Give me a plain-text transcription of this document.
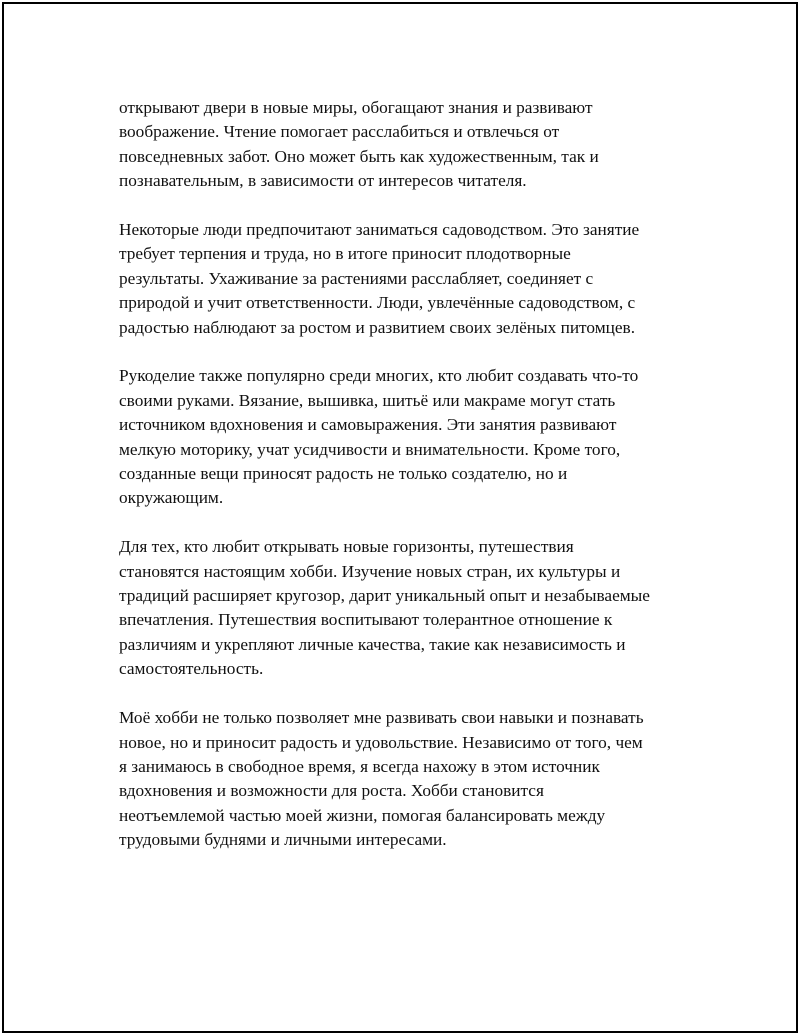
открывают двери в новые миры, обогащают знания и развивают
воображение. Чтение помогает расслабиться и отвлечься от
повседневных забот. Оно может быть как художественным, так и
познавательным, в зависимости от интересов читателя.

Некоторые люди предпочитают заниматься садоводством. Это занятие
требует терпения и труда, но в итоге приносит плодотворные
результаты. Ухаживание за растениями расслабляет, соединяет с
природой и учит ответственности. Люди, увлечённые садоводством, с
радостью наблюдают за ростом и развитием своих зелёных питомцев.

Рукоделие также популярно среди многих, кто любит создавать что-то
своими руками. Вязание, вышивка, шитьё или макраме могут стать
источником вдохновения и самовыражения. Эти занятия развивают
мелкую моторику, учат усидчивости и внимательности. Кроме того,
созданные вещи приносят радость не только создателю, но и
окружающим.

Для тех, кто любит открывать новые горизонты, путешествия
становятся настоящим хобби. Изучение новых стран, их культуры и
традиций расширяет кругозор, дарит уникальный опыт и незабываемые
впечатления. Путешествия воспитывают толерантное отношение к
различиям и укрепляют личные качества, такие как независимость и
самостоятельность.

Моё хобби не только позволяет мне развивать свои навыки и познавать
новое, но и приносит радость и удовольствие. Независимо от того, чем
я занимаюсь в свободное время, я всегда нахожу в этом источник
вдохновения и возможности для роста. Хобби становится
неотъемлемой частью моей жизни, помогая балансировать между
трудовыми буднями и личными интересами.
